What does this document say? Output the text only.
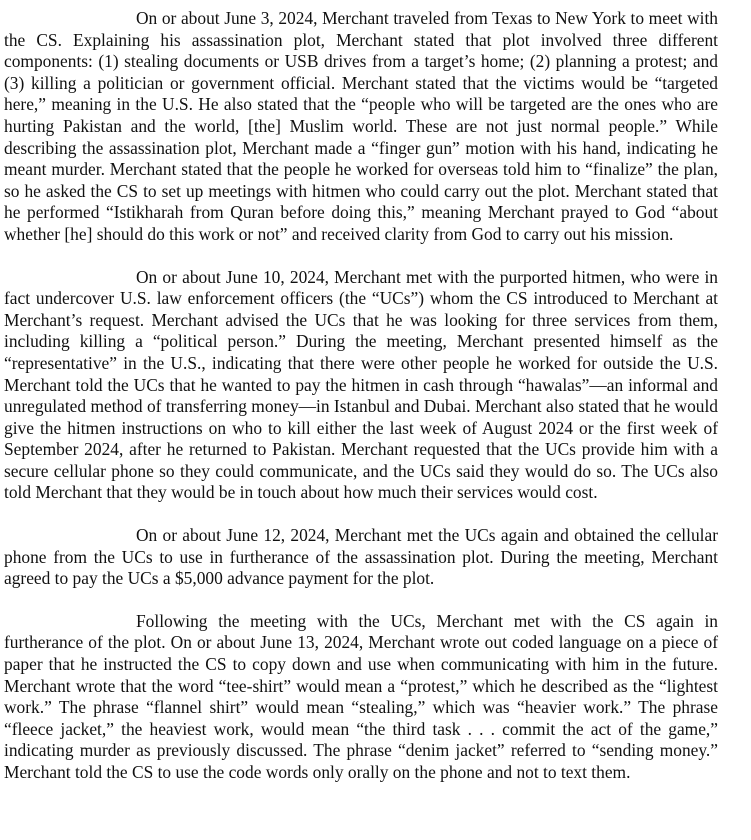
On or about June 3, 2024, Merchant traveled from Texas to New York to meet with the CS. Explaining his assassination plot, Merchant stated that plot involved three different components: (1) stealing documents or USB drives from a target’s home; (2) planning a protest; and (3) killing a politician or government official. Merchant stated that the victims would be “targeted here,” meaning in the U.S. He also stated that the “people who will be targeted are the ones who are hurting Pakistan and the world, [the] Muslim world. These are not just normal people.” While describing the assassination plot, Merchant made a “finger gun” motion with his hand, indicating he meant murder. Merchant stated that the people he worked for overseas told him to “finalize” the plan, so he asked the CS to set up meetings with hitmen who could carry out the plot. Merchant stated that he performed “Istikharah from Quran before doing this,” meaning Merchant prayed to God “about whether [he] should do this work or not” and received clarity from God to carry out his mission.

On or about June 10, 2024, Merchant met with the purported hitmen, who were in fact undercover U.S. law enforcement officers (the “UCs”) whom the CS introduced to Merchant at Merchant’s request. Merchant advised the UCs that he was looking for three services from them, including killing a “political person.” During the meeting, Merchant presented himself as the “representative” in the U.S., indicating that there were other people he worked for outside the U.S. Merchant told the UCs that he wanted to pay the hitmen in cash through “hawalas”—an informal and unregulated method of transferring money—in Istanbul and Dubai. Merchant also stated that he would give the hitmen instructions on who to kill either the last week of August 2024 or the first week of September 2024, after he returned to Pakistan. Merchant requested that the UCs provide him with a secure cellular phone so they could communicate, and the UCs said they would do so. The UCs also told Merchant that they would be in touch about how much their services would cost.

On or about June 12, 2024, Merchant met the UCs again and obtained the cellular phone from the UCs to use in furtherance of the assassination plot. During the meeting, Merchant agreed to pay the UCs a $5,000 advance payment for the plot.

Following the meeting with the UCs, Merchant met with the CS again in furtherance of the plot. On or about June 13, 2024, Merchant wrote out coded language on a piece of paper that he instructed the CS to copy down and use when communicating with him in the future. Merchant wrote that the word “tee-shirt” would mean a “protest,” which he described as the “lightest work.” The phrase “flannel shirt” would mean “stealing,” which was “heavier work.” The phrase “fleece jacket,” the heaviest work, would mean “the third task . . . commit the act of the game,” indicating murder as previously discussed. The phrase “denim jacket” referred to “sending money.” Merchant told the CS to use the code words only orally on the phone and not to text them.
